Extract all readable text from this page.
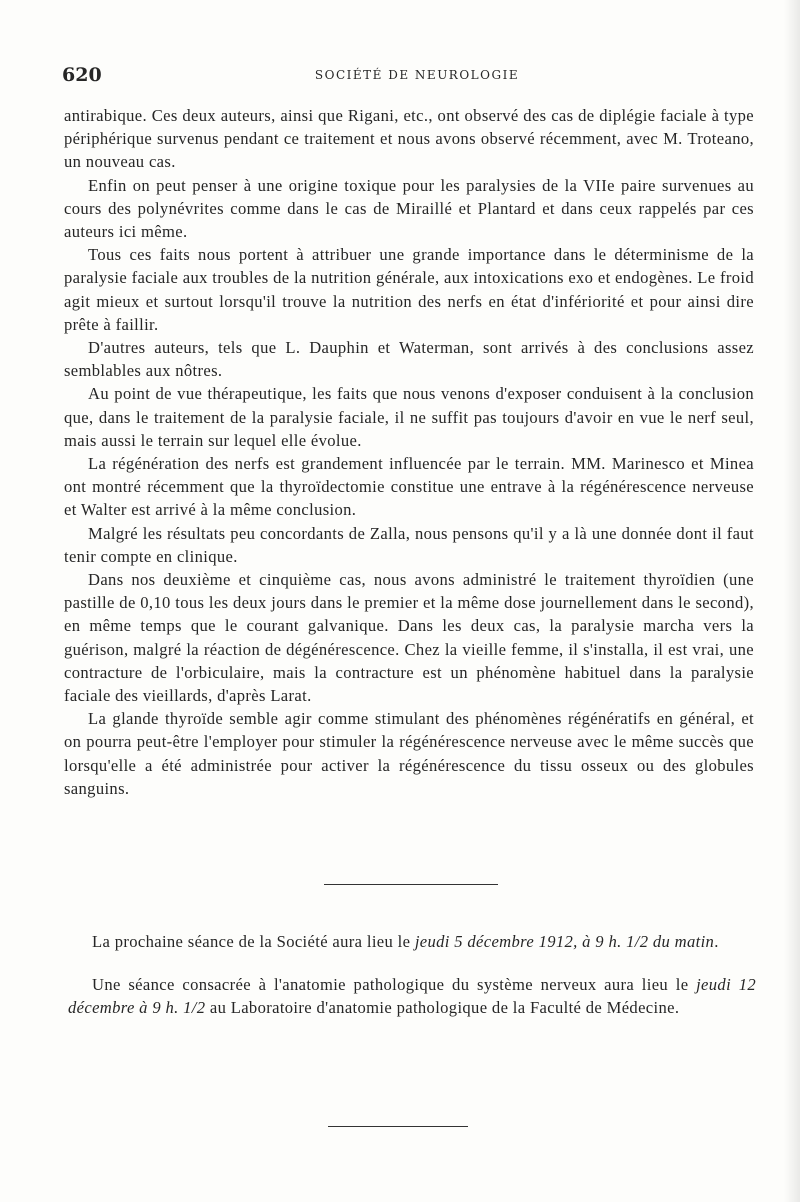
620	SOCIÉTÉ DE NEUROLOGIE

antirabique. Ces deux auteurs, ainsi que Rigani, etc., ont observé des cas de diplégie faciale à type périphérique survenus pendant ce traitement et nous avons observé récemment, avec M. Troteano, un nouveau cas.

Enfin on peut penser à une origine toxique pour les paralysies de la VIIe paire survenues au cours des polynévrites comme dans le cas de Miraillé et Plantard et dans ceux rappelés par ces auteurs ici même.

Tous ces faits nous portent à attribuer une grande importance dans le déterminisme de la paralysie faciale aux troubles de la nutrition générale, aux intoxications exo et endogènes. Le froid agit mieux et surtout lorsqu'il trouve la nutrition des nerfs en état d'infériorité et pour ainsi dire prête à faillir.

D'autres auteurs, tels que L. Dauphin et Waterman, sont arrivés à des conclusions assez semblables aux nôtres.

Au point de vue thérapeutique, les faits que nous venons d'exposer conduisent à la conclusion que, dans le traitement de la paralysie faciale, il ne suffit pas toujours d'avoir en vue le nerf seul, mais aussi le terrain sur lequel elle évolue.

La régénération des nerfs est grandement influencée par le terrain. MM. Marinesco et Minea ont montré récemment que la thyroïdectomie constitue une entrave à la régénérescence nerveuse et Walter est arrivé à la même conclusion.

Malgré les résultats peu concordants de Zalla, nous pensons qu'il y a là une donnée dont il faut tenir compte en clinique.

Dans nos deuxième et cinquième cas, nous avons administré le traitement thyroïdien (une pastille de 0,10 tous les deux jours dans le premier et la même dose journellement dans le second), en même temps que le courant galvanique. Dans les deux cas, la paralysie marcha vers la guérison, malgré la réaction de dégénérescence. Chez la vieille femme, il s'installa, il est vrai, une contracture de l'orbiculaire, mais la contracture est un phénomène habituel dans la paralysie faciale des vieillards, d'après Larat.

La glande thyroïde semble agir comme stimulant des phénomènes régénératifs en général, et on pourra peut-être l'employer pour stimuler la régénérescence nerveuse avec le même succès que lorsqu'elle a été administrée pour activer la régénérescence du tissu osseux ou des globules sanguins.

La prochaine séance de la Société aura lieu le jeudi 5 décembre 1912, à 9 h. 1/2 du matin.

Une séance consacrée à l'anatomie pathologique du système nerveux aura lieu le jeudi 12 décembre à 9 h. 1/2 au Laboratoire d'anatomie pathologique de la Faculté de Médecine.
